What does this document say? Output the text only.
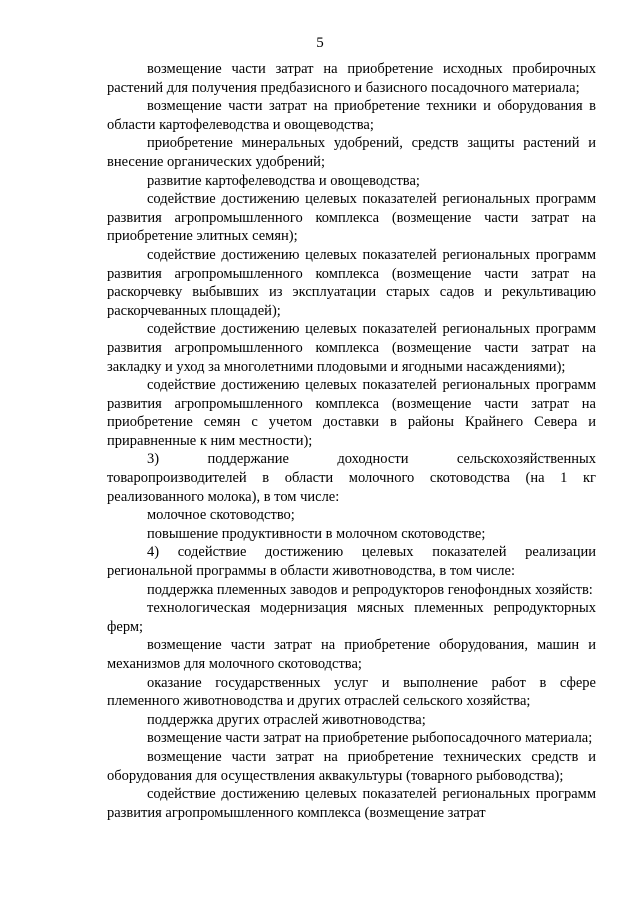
5

возмещение части затрат на приобретение исходных пробирочных растений для получения предбазисного и базисного посадочного материала;

возмещение части затрат на приобретение техники и оборудования в области картофелеводства и овощеводства;

приобретение минеральных удобрений, средств защиты растений и внесение органических удобрений;

развитие картофелеводства и овощеводства;

содействие достижению целевых показателей региональных программ развития агропромышленного комплекса (возмещение части затрат на приобретение элитных семян);

содействие достижению целевых показателей региональных программ развития агропромышленного комплекса (возмещение части затрат на раскорчевку выбывших из эксплуатации старых садов и рекультивацию раскорчеванных площадей);

содействие достижению целевых показателей региональных программ развития агропромышленного комплекса (возмещение части затрат на закладку и уход за многолетними плодовыми и ягодными насаждениями);

содействие достижению целевых показателей региональных программ развития агропромышленного комплекса (возмещение части затрат на приобретение семян с учетом доставки в районы Крайнего Севера и приравненные к ним местности);

3) поддержание доходности сельскохозяйственных товаропроизводителей в области молочного скотоводства (на 1 кг реализованного молока), в том числе:

молочное скотоводство;

повышение продуктивности в молочном скотоводстве;

4) содействие достижению целевых показателей реализации региональной программы в области животноводства, в том числе:

поддержка племенных заводов и репродукторов генофондных хозяйств:

технологическая модернизация мясных племенных репродукторных ферм;

возмещение части затрат на приобретение оборудования, машин и механизмов для молочного скотоводства;

оказание государственных услуг и выполнение работ в сфере племенного животноводства и других отраслей сельского хозяйства;

поддержка других отраслей животноводства;

возмещение части затрат на приобретение рыбопосадочного материала;

возмещение части затрат на приобретение технических средств и оборудования для осуществления аквакультуры (товарного рыбоводства);

содействие достижению целевых показателей региональных программ развития агропромышленного комплекса (возмещение затрат
